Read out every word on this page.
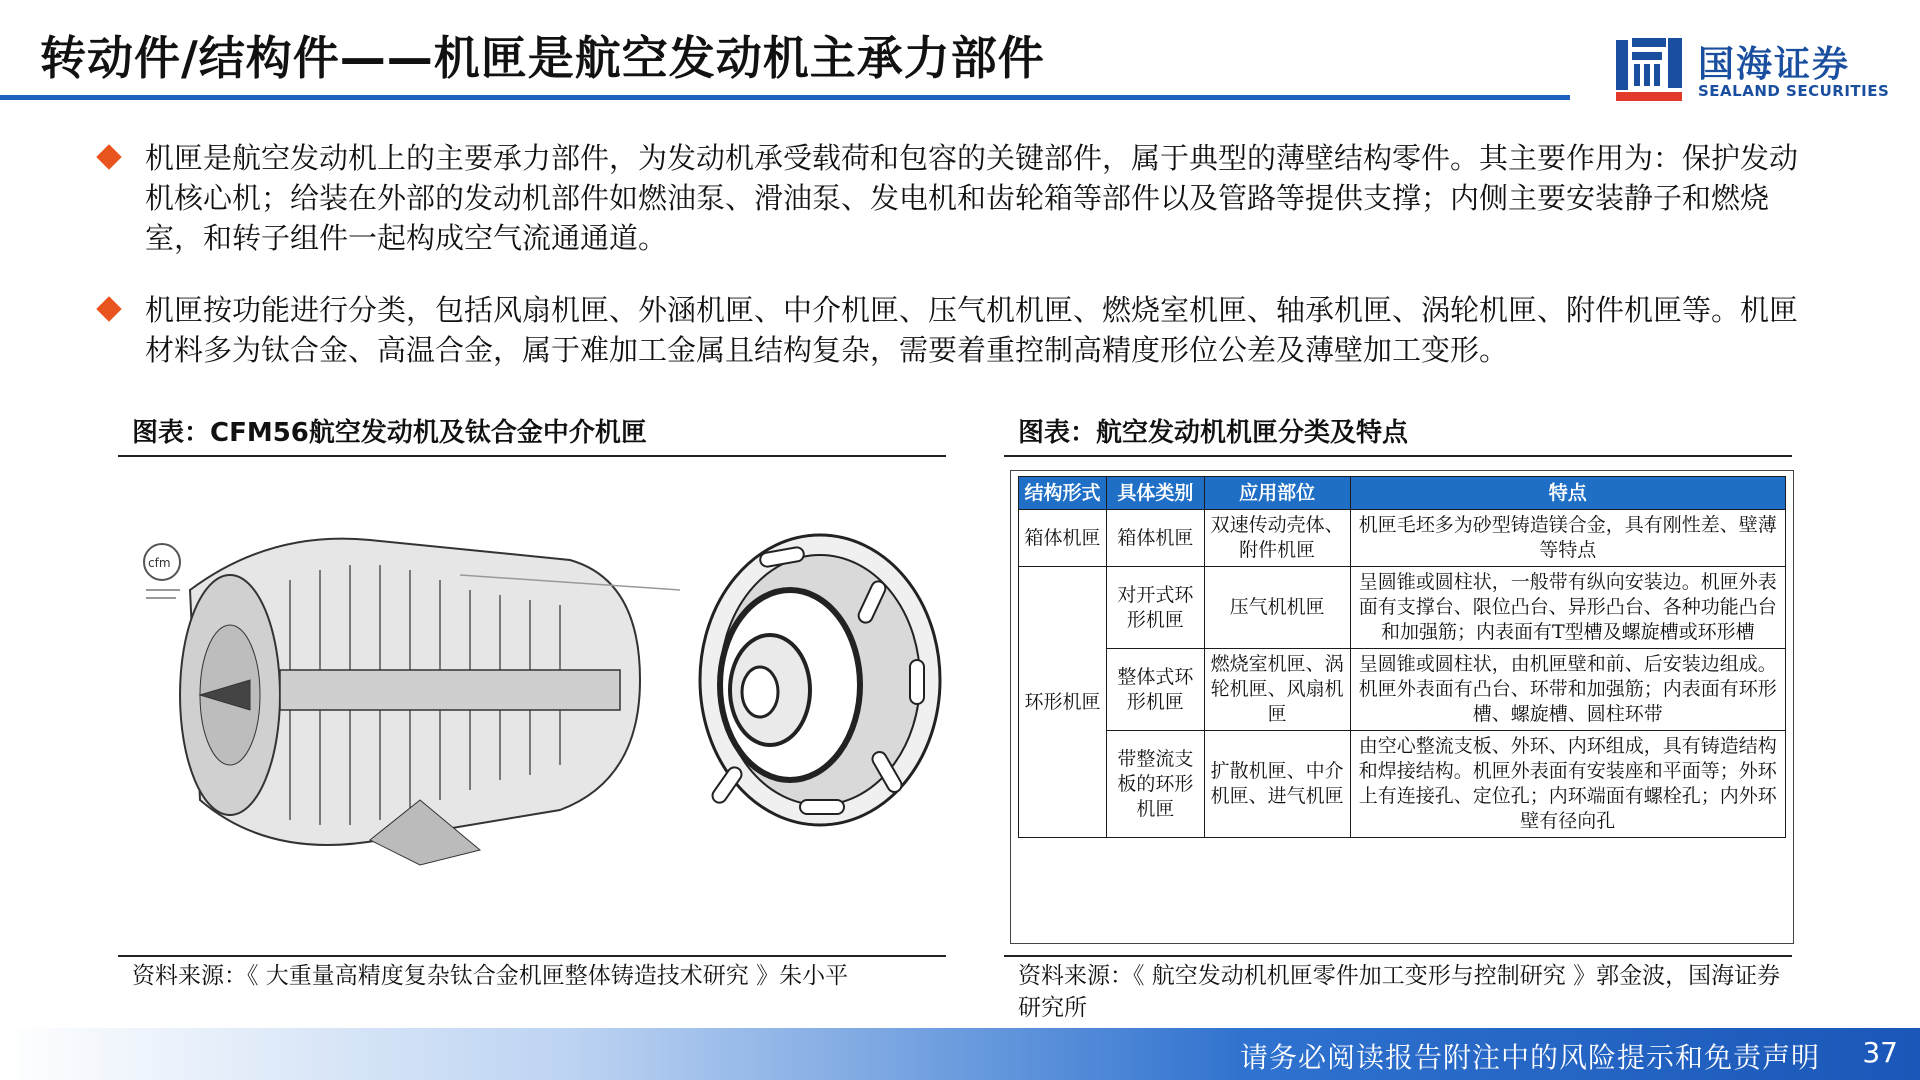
转动件/结构件——机匣是航空发动机主承力部件	国海证券
SEALAND SECURITIES
机匣是航空发动机上的主要承力部件，为发动机承受载荷和包容的关键部件，属于典型的薄壁结构零件。其主要作用为：保护发动机核心机；给装在外部的发动机部件如燃油泵、滑油泵、发电机和齿轮箱等部件以及管路等提供支撑；内侧主要安装静子和燃烧室，和转子组件一起构成空气流通通道。
机匣按功能进行分类，包括风扇机匣、外涵机匣、中介机匣、压气机机匣、燃烧室机匣、轴承机匣、涡轮机匣、附件机匣等。机匣材料多为钛合金、高温合金，属于难加工金属且结构复杂，需要着重控制高精度形位公差及薄壁加工变形。
图表：CFM56航空发动机及钛合金中介机匣
cfm
资料来源：《 大重量高精度复杂钛合金机匣整体铸造技术研究 》朱小平
图表：航空发动机机匣分类及特点
结构形式	具体类别	应用部位	特点
箱体机匣	箱体机匣	双速传动壳体、附件机匣	机匣毛坯多为砂型铸造镁合金，具有刚性差、壁薄等特点
环形机匣	对开式环形机匣	压气机机匣	呈圆锥或圆柱状，一般带有纵向安装边。机匣外表面有支撑台、限位凸台、异形凸台、各种功能凸台和加强筋；内表面有T型槽及螺旋槽或环形槽
	整体式环形机匣	燃烧室机匣、涡轮机匣、风扇机匣	呈圆锥或圆柱状，由机匣壁和前、后安装边组成。机匣外表面有凸台、环带和加强筋；内表面有环形槽、螺旋槽、圆柱环带
	带整流支板的环形机匣	扩散机匣、中介机匣、进气机匣	由空心整流支板、外环、内环组成，具有铸造结构和焊接结构。机匣外表面有安装座和平面等；外环上有连接孔、定位孔；内环端面有螺栓孔；内外环壁有径向孔
资料来源：《 航空发动机机匣零件加工变形与控制研究 》郭金波，国海证券研究所
请务必阅读报告附注中的风险提示和免责声明 37
